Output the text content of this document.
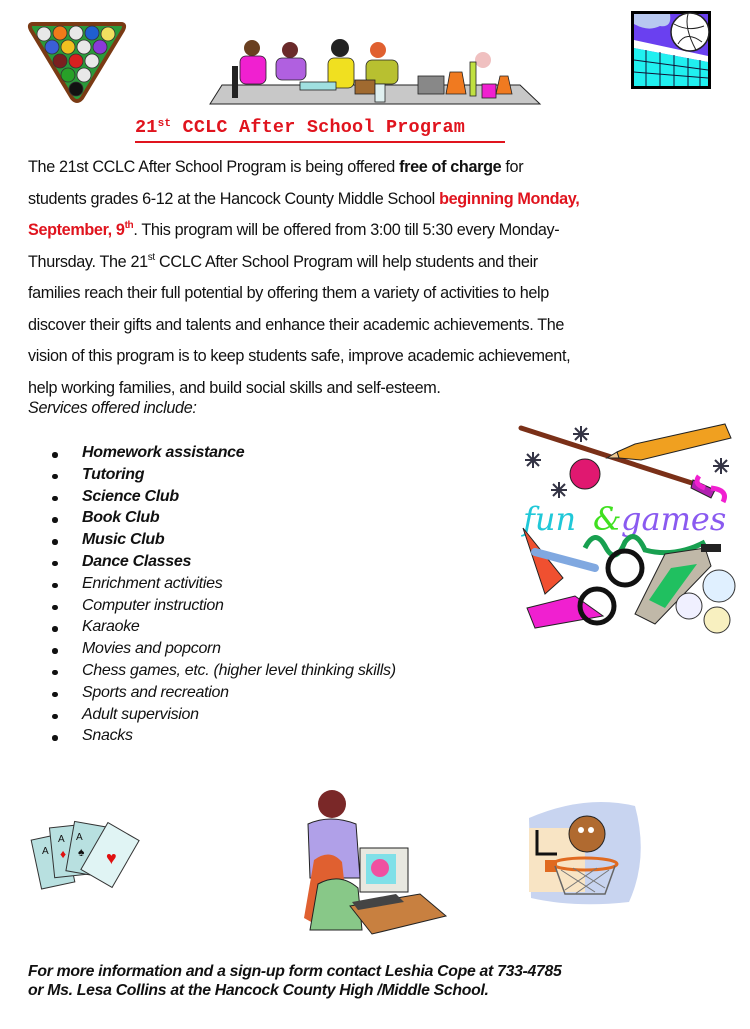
21st CCLC After School Program
The 21st CCLC After School Program is being offered free of charge for
students grades 6-12 at the Hancock County Middle School beginning Monday,
September, 9th. This program will be offered from 3:00 till 5:30 every Monday-
Thursday. The 21st CCLC After School Program will help students and their
families reach their full potential by offering them a variety of activities to help
discover their gifts and talents and enhance their academic achievements. The
vision of this program is to keep students safe, improve academic achievement,
help working families, and build social skills and self-esteem.
Services offered include:
Homework assistance
Tutoring
Science Club
Book Club
Music Club
Dance Classes
Enrichment activities
Computer instruction
Karaoke
Movies and popcorn
Chess games, etc. (higher level thinking skills)
Sports and recreation
Adult supervision
Snacks
fun & games
A
A A
♦ ♠ ♥
For more information and a sign-up form contact Leshia Cope at 733-4785
or Ms. Lesa Collins at the Hancock County High /Middle School.
